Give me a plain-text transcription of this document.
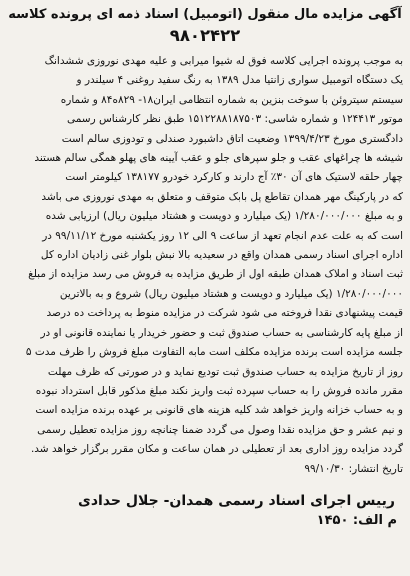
آگهی مزایده مال منقول (اتومبیل) اسناد ذمه ای پرونده کلاسه
۹۸۰۲۴۲۲

به موجب پرونده اجرایی کلاسه فوق له شیوا میرابی و علیه مهدی نوروزی ششدانگ
یک دستگاه اتومبیل سواری زانتیا مدل ۱۳۸۹ به رنگ سفید روغنی ۴ سیلندر و
سیستم سیتروئن با سوخت بنزین به شماره انتظامی ایران۱۸- ۸۲۹ه۸۴ و شماره
موتور ۱۲۴۴۱۳ و شماره شاسی: ۱۵۱۲۲۸۸۱۸۷۵۰۳ طبق نظر کارشناس رسمی
دادگستری مورخ ۱۳۹۹/۴/۲۳ وضعیت اتاق داشبورد صندلی و تودوزی سالم است
شیشه ها چراغهای عقب و جلو سپرهای جلو و عقب آیینه های پهلو همگی سالم هستند
چهار حلقه لاستیک های آن ۳۰٪ آج دارند و کارکرد خودرو ۱۳۸۱۷۷ کیلومتر است
که در پارکینگ مهر همدان تقاطع پل بابک متوقف و متعلق به مهدی نوروزی می باشد
و به مبلغ ۱/۲۸۰/۰۰۰/۰۰۰ (یک میلیارد و دویست و هشتاد میلیون ریال) ارزیابی شده
است که به علت عدم انجام تعهد از ساعت ۹ الی ۱۲ روز یکشنبه مورخ ۹۹/۱۱/۱۲ در
اداره اجرای اسناد رسمی همدان واقع در سعیدیه بالا نبش بلوار غنی زادیان اداره کل
ثبت اسناد و املاک همدان طبقه اول از طریق مزایده به فروش می رسد مزایده از مبلغ
۱/۲۸۰/۰۰۰/۰۰۰ (یک میلیارد و دویست و هشتاد میلیون ریال) شروع و به بالاترین
قیمت پیشنهادی نقدا فروخته می شود شرکت در مزایده منوط به پرداخت ده درصد
از مبلغ پایه کارشناسی به حساب صندوق ثبت و حضور خریدار یا نماینده قانونی او در
جلسه مزایده است برنده مزایده مکلف است مابه التفاوت مبلغ فروش را ظرف مدت ۵
روز از تاریخ مزایده به حساب صندوق ثبت تودیع نماید و در صورتی که ظرف مهلت
مقرر مانده فروش را به حساب سپرده ثبت واریز نکند مبلغ مذکور قابل استرداد نبوده
و به حساب خزانه واریز خواهد شد کلیه هزینه های قانونی بر عهده برنده مزایده است
و نیم عشر و حق مزایده نقدا وصول می گردد ضمنا چنانچه روز مزایده تعطیل رسمی
گردد مزایده روز اداری بعد از تعطیلی در همان ساعت و مکان مقرر برگزار خواهد شد.
تاریخ انتشار: ۹۹/۱۰/۳۰

رییس اجرای اسناد رسمی همدان- جلال حدادی
م الف: ۱۴۵۰
